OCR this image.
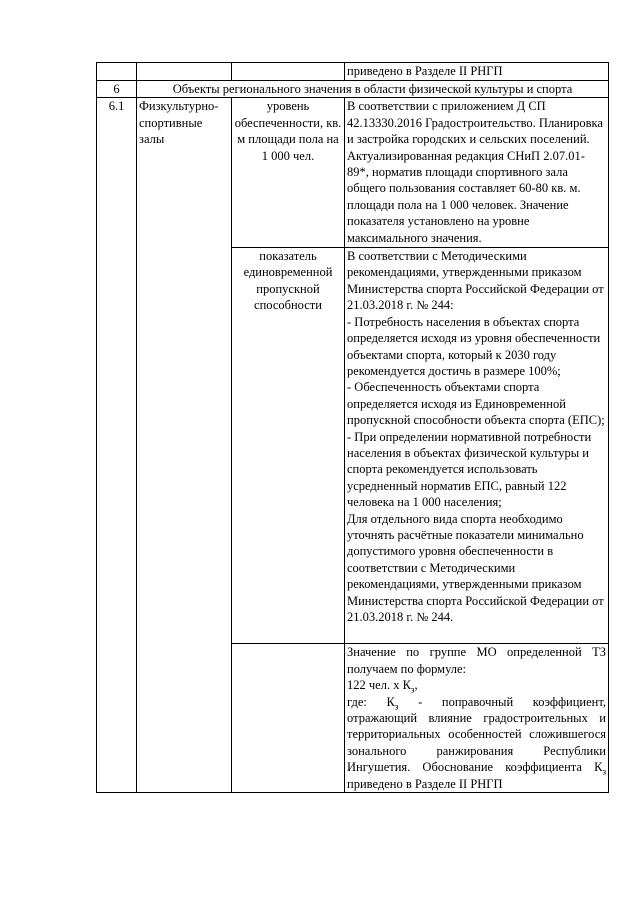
			приведено в Разделе II РНГП
6	Объекты регионального значения в области физической культуры и спорта		
6.1	Физкультурно-спортивные залы	уровень обеспеченности, кв. м площади пола на 1 000 чел.	В соответствии с приложением Д СП 42.13330.2016 Градостроительство. Планировка и застройка городских и сельских поселений. Актуализированная редакция СНиП 2.07.01-89*, норматив площади спортивного зала общего пользования составляет 60-80 кв. м. площади пола на 1 000 человек. Значение показателя установлено на уровне максимального значения.
		показатель единовременной пропускной способности	В соответствии с Методическими рекомендациями, утвержденными приказом Министерства спорта Российской Федерации от 21.03.2018 г. № 244:
- Потребность населения в объектах спорта определяется исходя из уровня обеспеченности объектами спорта, который к 2030 году рекомендуется достичь в размере 100%;
- Обеспеченность объектами спорта определяется исходя из Единовременной пропускной способности объекта спорта (ЕПС);
- При определении нормативной потребности населения в объектах физической культуры и спорта рекомендуется использовать усредненный норматив ЕПС, равный 122 человека на 1 000 населения;
Для отдельного вида спорта необходимо уточнять расчётные показатели минимально допустимого уровня обеспеченности в соответствии с Методическими рекомендациями, утвержденными приказом Министерства спорта Российской Федерации от 21.03.2018 г. № 244.

			Значение по группе МО определенной ТЗ получаем по формуле:
122 чел. х $К_з$,
где: $К_з$ - поправочный коэффициент, отражающий влияние градостроительных и территориальных особенностей сложившегося зонального ранжирования Республики Ингушетия. Обоснование коэффициента $К_з$ приведено в Разделе II РНГП
